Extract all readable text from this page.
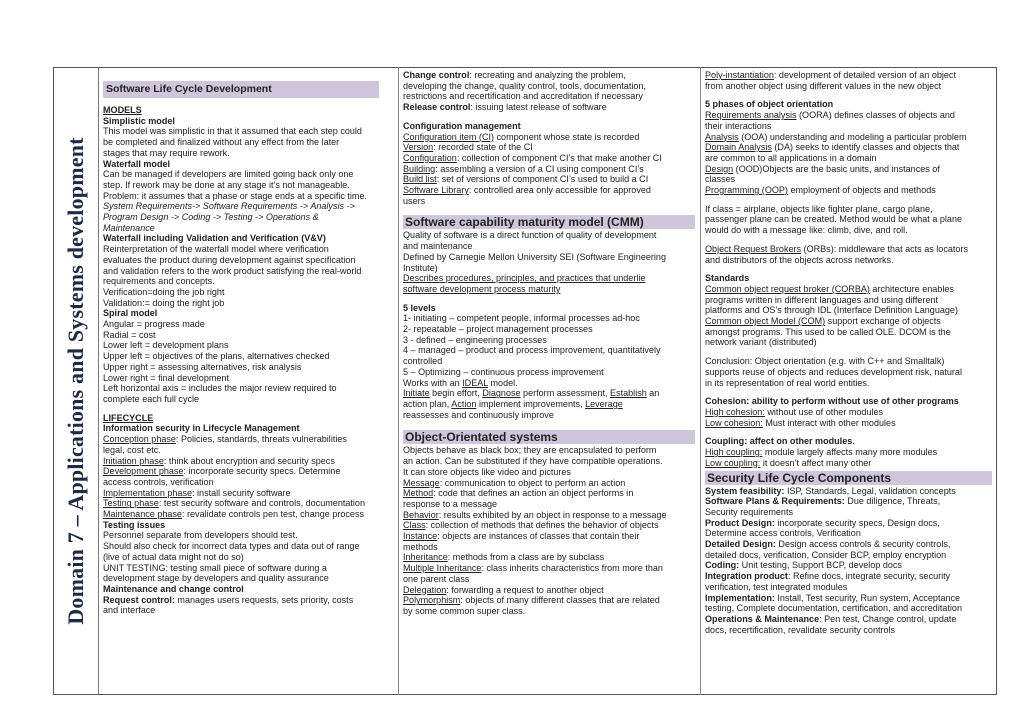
Domain 7 – Applications and Systems development
Software Life Cycle Development
MODELS
Simplistic model
This model was simplistic in that it assumed that each step could
be completed and finalized without any effect from the later
stages that may require rework.
Waterfall model
Can be managed if developers are limited going back only one
step. If rework may be done at any stage it’s not manageable.
Problem: it assumes that a phase or stage ends at a specific time.
System Requirements-> Software Requirements -> Analysis ->
Program Design -> Coding -> Testing -> Operations &
Maintenance
Waterfall including Validation and Verification (V&V)
Reinterpretation of the waterfall model where verification
evaluates the product during development against specification
and validation refers to the work product satisfying the real-world
requirements and concepts.
Verification=doing the job right
Validation:= doing the right job
Spiral model
Angular = progress made
Radial = cost
Lower left = development plans
Upper left = objectives of the plans, alternatives checked
Upper right = assessing alternatives, risk analysis
Lower right = final development
Left horizontal axis = includes the major review required to
complete each full cycle
LIFECYCLE
Information security in Lifecycle Management
Conception phase: Policies, standards, threats vulnerabilities
legal, cost etc.
Initiation phase: think about encryption and security specs
Development phase: incorporate security specs. Determine
access controls, verification
Implementation phase: install security software
Testing phase: test security software and controls, documentation
Maintenance phase: revalidate controls pen test, change process
Testing issues
Personnel separate from developers should test.
Should also check for incorrect data types and data out of range
(live of actual data might not do so)
UNIT TESTING: testing small piece of software during a
development stage by developers and quality assurance
Maintenance and change control
Request control: manages users requests, sets priority, costs
and interface
Change control: recreating and analyzing the problem,
developing the change, quality control, tools, documentation,
restrictions and recertification and accreditation if necessary
Release control: issuing latest release of software
Configuration management
Configuration item (CI) component whose state is recorded
Version: recorded state of the CI
Configuration: collection of component CI’s that make another CI
Building: assembling a version of a CI using component CI’s
Build list: set of versions of component CI’s used to build a CI
Software Library: controlled area only accessible for approved
users
Software capability maturity model (CMM)
Quality of software is a direct function of quality of development
and maintenance
Defined by Carnegie Mellon University SEI (Software Engineering
Institute)
Describes procedures, principles, and practices that underlie
software development process maturity
5 levels
1- initiating – competent people, informal processes ad-hoc
2- repeatable – project management processes
3 - defined – engineering processes
4 – managed – product and process improvement, quantitatively
controlled
5 – Optimizing – continuous process improvement
Works with an IDEAL model.
Initiate begin effort, Diagnose perform assessment, Establish an
action plan, Action implement improvements, Leverage
reassesses and continuously improve
Object-Orientated systems
Objects behave as black box; they are encapsulated to perform
an action. Can be substituted if they have compatible operations.
It can store objects like video and pictures
Message: communication to object to perform an action
Method: code that defines an action an object performs in
response to a message
Behavior: results exhibited by an object in response to a message
Class: collection of methods that defines the behavior of objects
Instance: objects are instances of classes that contain their
methods
Inheritance: methods from a class are by subclass
Multiple Inheritance: class inherits characteristics from more than
one parent class
Delegation: forwarding a request to another object
Polymorphism: objects of many different classes that are related
by some common super class.
Poly-instantiation: development of detailed version of an object
from another object using different values in the new object
5 phases of object orientation
Requirements analysis (OORA) defines classes of objects and
their interactions
Analysis (OOA) understanding and modeling a particular problem
Domain Analysis (DA) seeks to identify classes and objects that
are common to all applications in a domain
Design (OOD)Objects are the basic units, and instances of
classes
Programming (OOP) employment of objects and methods
If class = airplane, objects like fighter plane, cargo plane,
passenger plane can be created. Method would be what a plane
would do with a message like: climb, dive, and roll.
Object Request Brokers (ORBs): middleware that acts as locators
and distributors of the objects across networks.
Standards
Common object request broker (CORBA) architecture enables
programs written in different languages and using different
platforms and OS’s through IDL (Interface Definition Language)
Common object Model (COM) support exchange of objects
amongst programs. This used to be called OLE. DCOM is the
network variant (distributed)
Conclusion: Object orientation (e.g. with C++ and Smalltalk)
supports reuse of objects and reduces development risk, natural
in its representation of real world entities.
Cohesion: ability to perform without use of other programs
High cohesion: without use of other modules
Low cohesion: Must interact with other modules
Coupling: affect on other modules.
High coupling: module largely affects many more modules
Low coupling: it doesn’t affect many other
Security Life Cycle Components
System feasibility: ISP, Standards, Legal, validation concepts
Software Plans & Requirements: Due diligence, Threats,
Security requirements
Product Design: incorporate security specs, Design docs,
Determine access controls, Verification
Detailed Design: Design access controls & security controls,
detailed docs, verification, Consider BCP, employ encryption
Coding: Unit testing, Support BCP, develop docs
Integration product: Refine docs, integrate security, security
verification, test integrated modules
Implementation: Install, Test security, Run system, Acceptance
testing, Complete documentation, certification, and accreditation
Operations & Maintenance: Pen test, Change control, update
docs, recertification, revalidate security controls
